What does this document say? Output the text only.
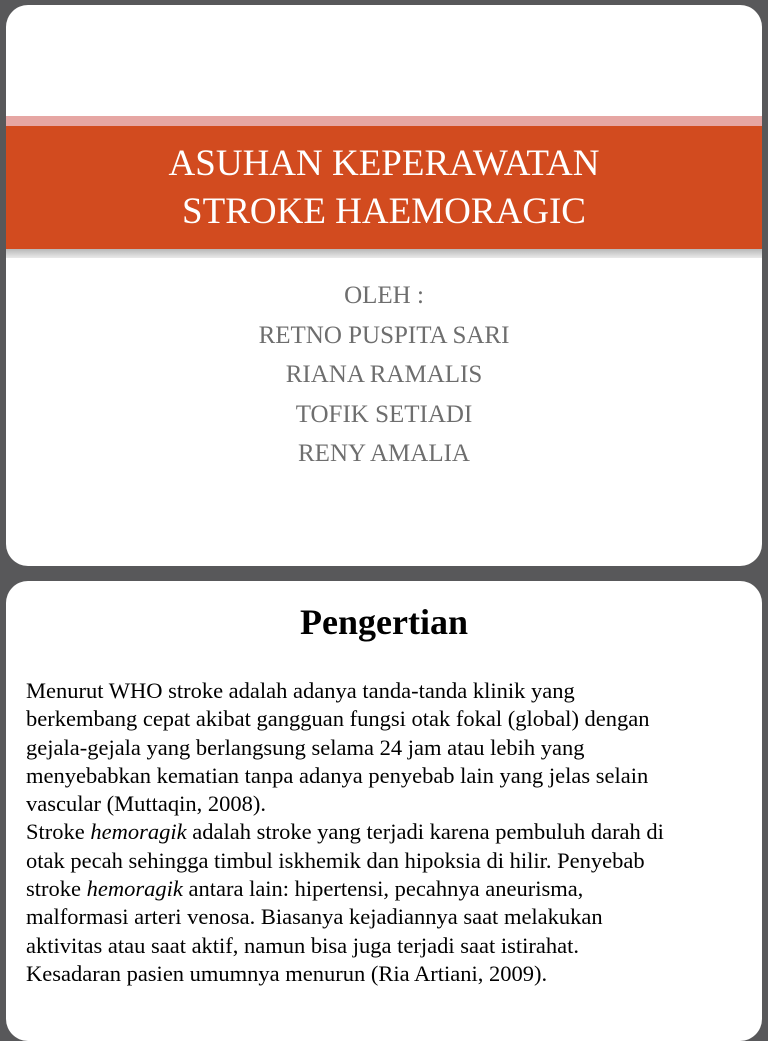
ASUHAN KEPERAWATAN
STROKE HAEMORAGIC
OLEH :
RETNO PUSPITA SARI
RIANA RAMALIS
TOFIK SETIADI
RENY AMALIA
Pengertian
Menurut WHO stroke adalah adanya tanda-tanda klinik yang
berkembang cepat akibat gangguan fungsi otak fokal (global) dengan
gejala-gejala yang berlangsung selama 24 jam atau lebih yang
menyebabkan kematian tanpa adanya penyebab lain yang jelas selain
vascular (Muttaqin, 2008).
Stroke hemoragik adalah stroke yang terjadi karena pembuluh darah di
otak pecah sehingga timbul iskhemik dan hipoksia di hilir. Penyebab
stroke hemoragik antara lain: hipertensi, pecahnya aneurisma,
malformasi arteri venosa. Biasanya kejadiannya saat melakukan
aktivitas atau saat aktif, namun bisa juga terjadi saat istirahat.
Kesadaran pasien umumnya menurun (Ria Artiani, 2009).
